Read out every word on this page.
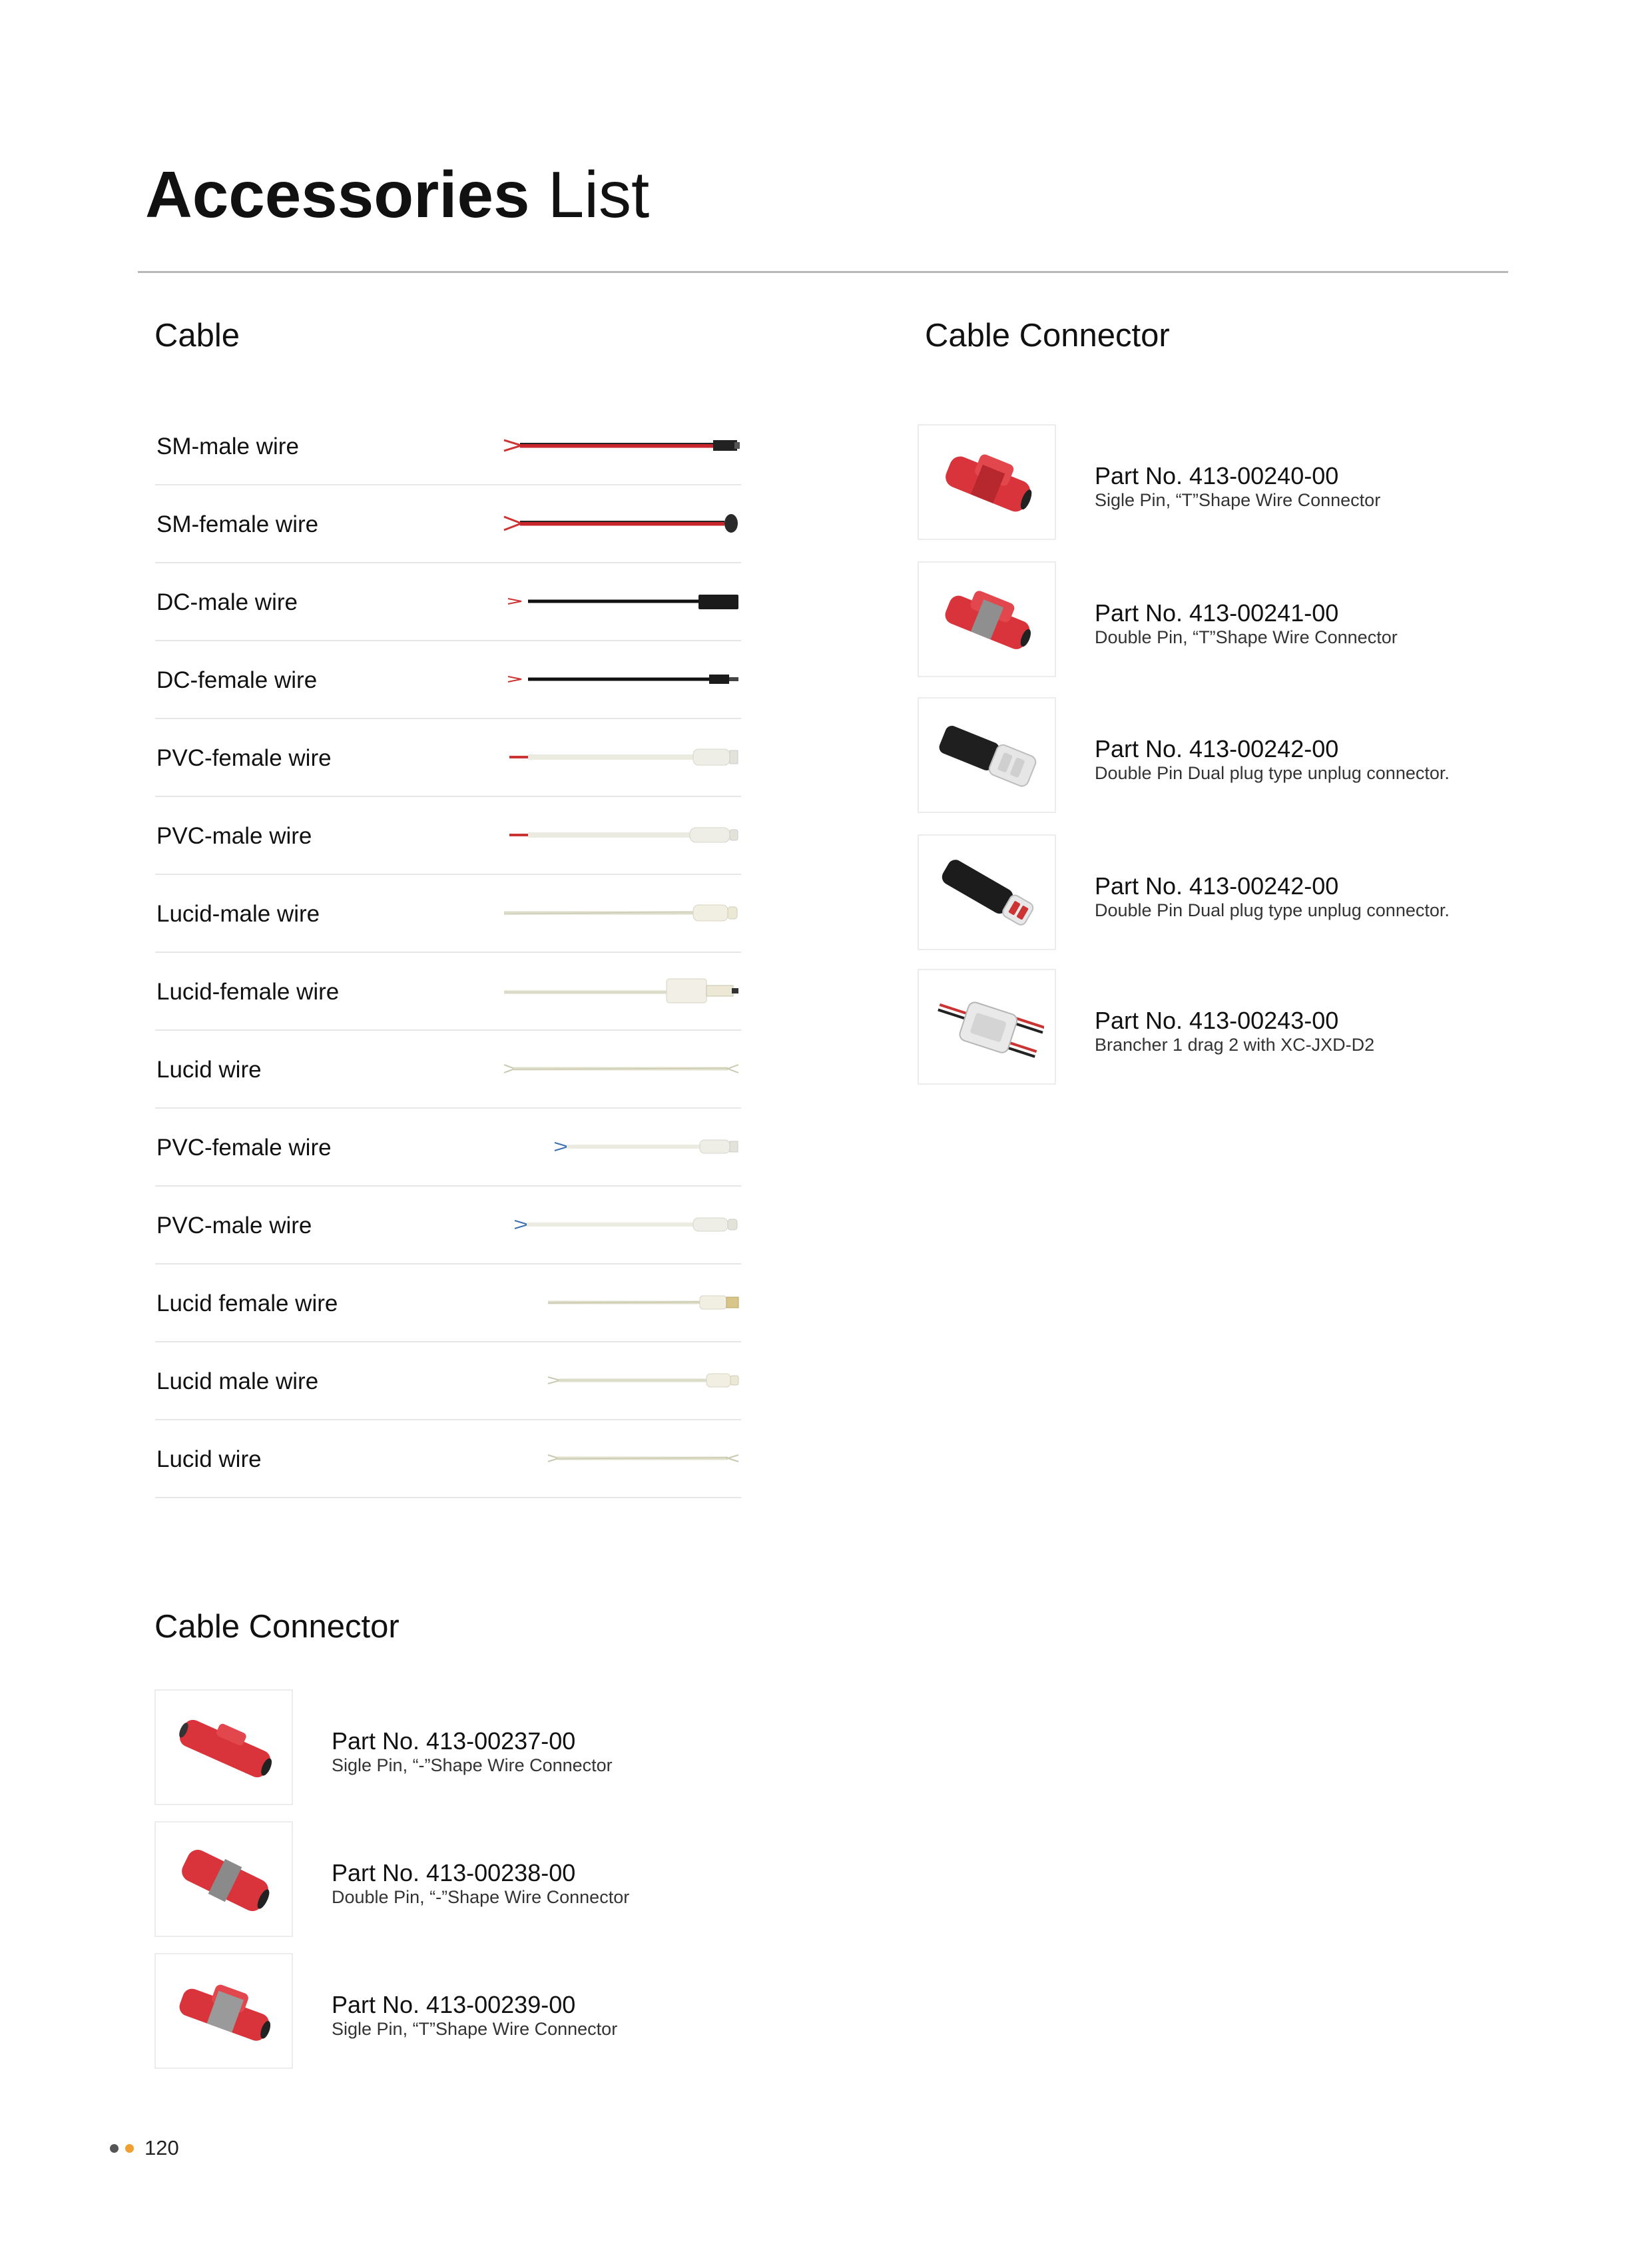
Accessories List
Cable
SM-male wire
SM-female wire
DC-male wire
DC-female wire
PVC-female wire
PVC-male wire
Lucid-male wire
Lucid-female wire
Lucid wire
PVC-female wire
PVC-male wire
Lucid female wire
Lucid male wire
Lucid wire
Cable Connector
Part No. 413-00240-00
Sigle Pin, “T”Shape Wire Connector
Part No. 413-00241-00
Double Pin, “T”Shape Wire Connector
Part No. 413-00242-00
Double Pin Dual plug type unplug connector.
Part No. 413-00242-00
Double Pin Dual plug type unplug connector.
Part No. 413-00243-00
Brancher 1 drag 2 with XC-JXD-D2
Cable Connector
Part No. 413-00237-00
Sigle Pin, “-”Shape Wire Connector
Part No. 413-00238-00
Double Pin, “-”Shape Wire Connector
Part No. 413-00239-00
Sigle Pin, “T”Shape Wire Connector
120
